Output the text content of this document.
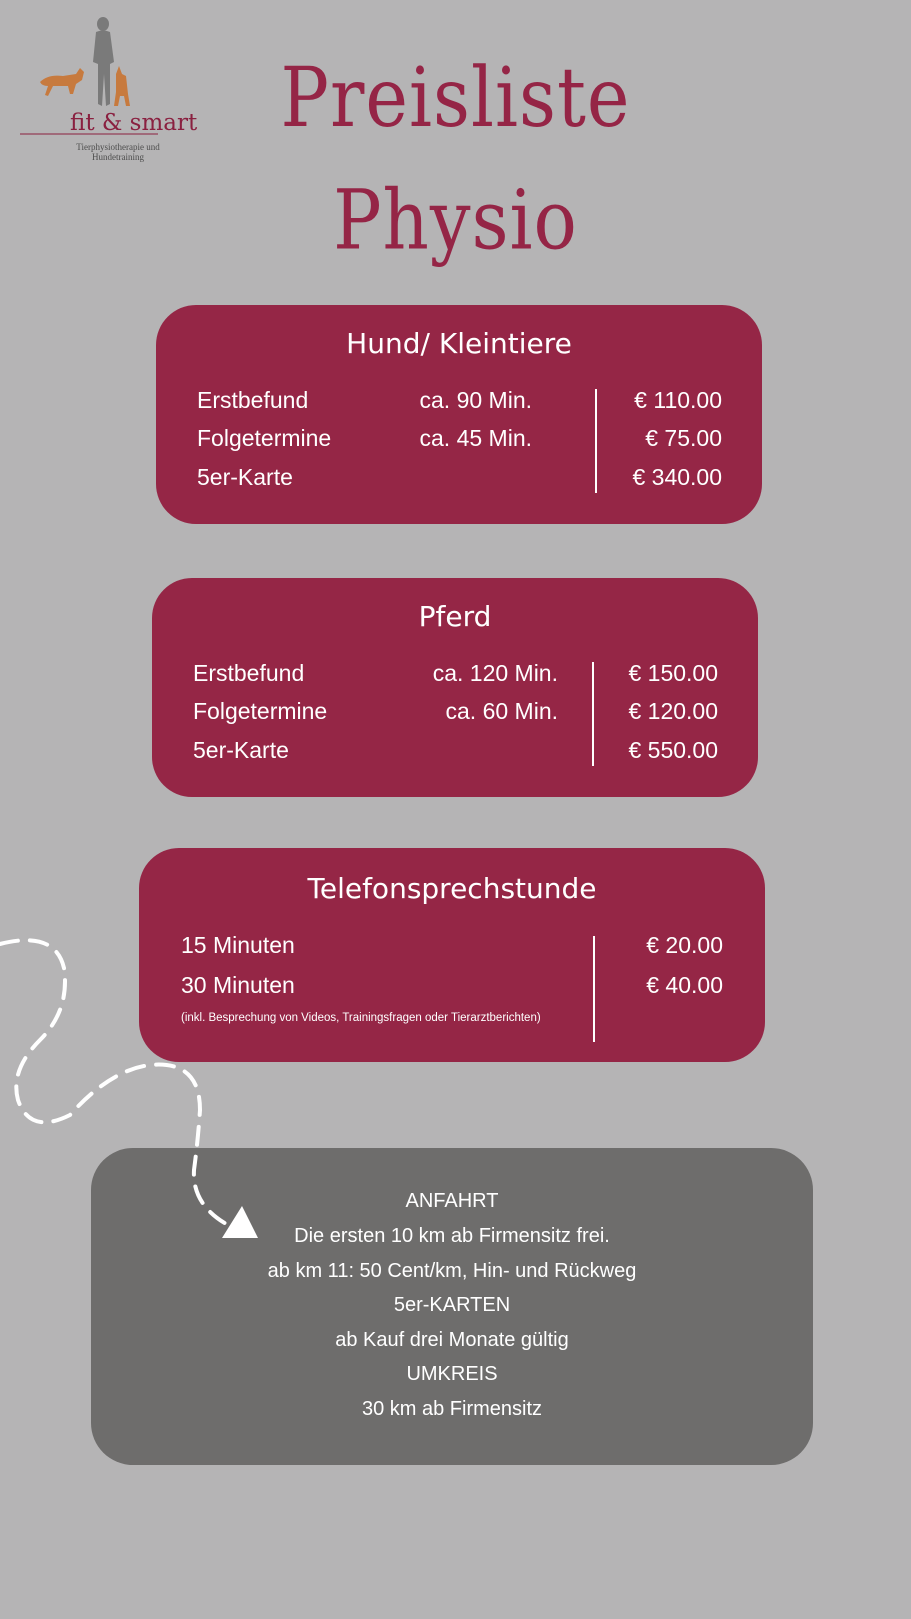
fit & smart
Tierphysiotherapie und Hundetraining
Preisliste
Physio
Hund/ Kleintiere
Erstbefund	ca. 90 Min.	€ 110.00
Folgetermine	ca. 45 Min.	€ 75.00
5er-Karte	€ 340.00
Pferd
Erstbefund	ca. 120 Min.	€ 150.00
Folgetermine	ca. 60 Min.	€ 120.00
5er-Karte	€ 550.00
Telefonsprechstunde
15 Minuten	€ 20.00
30 Minuten	€ 40.00
(inkl. Besprechung von Videos, Trainingsfragen oder Tierarztberichten)
ANFAHRT
Die ersten 10 km ab Firmensitz frei.
ab km 11: 50 Cent/km, Hin- und Rückweg
5er-KARTEN
ab Kauf drei Monate gültig
UMKREIS
30 km ab Firmensitz
